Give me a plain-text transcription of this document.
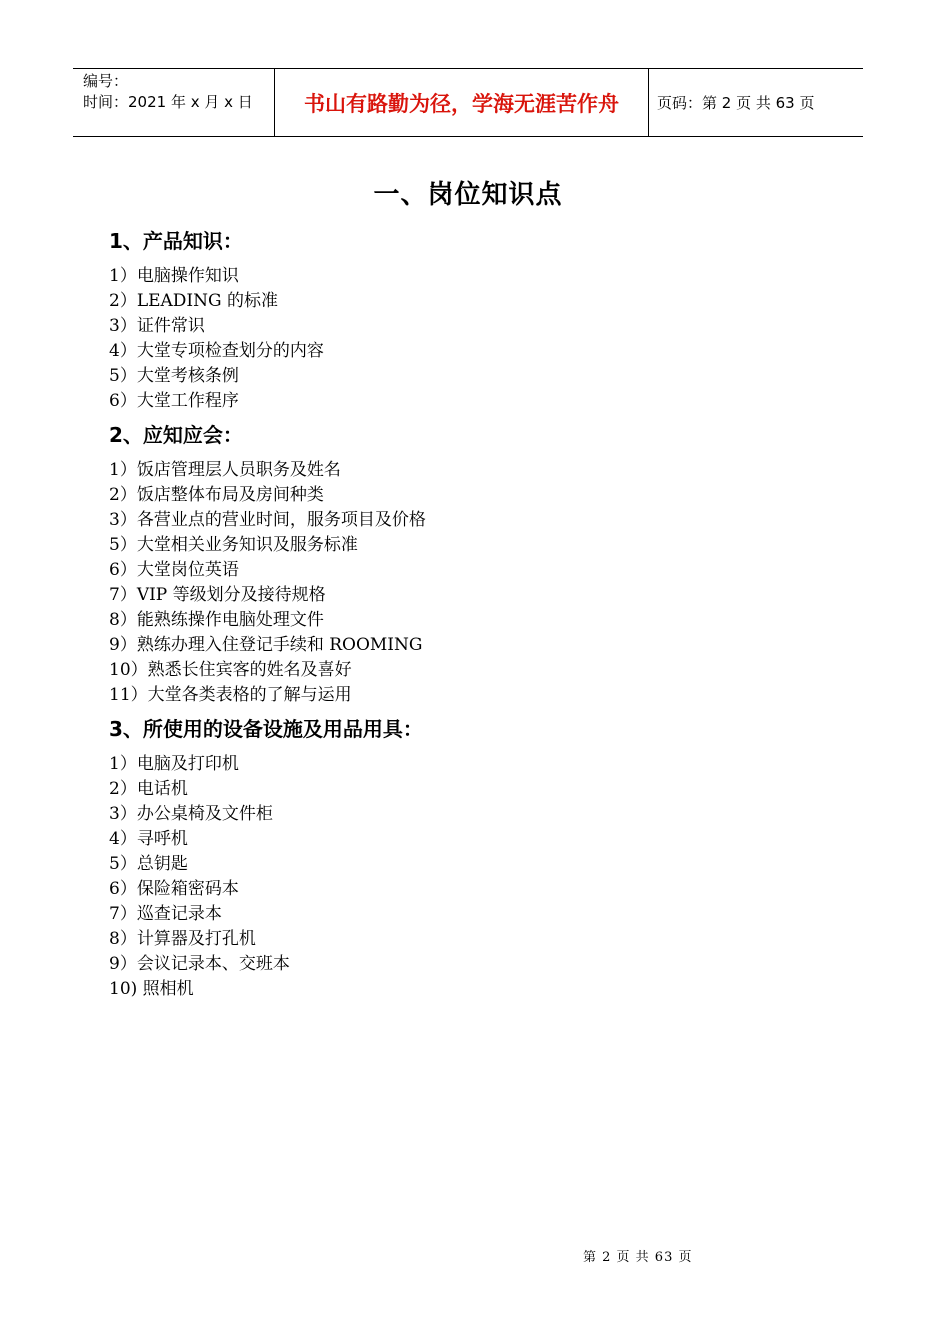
编号：
时间：2021 年 x 月 x 日	书山有路勤为径，学海无涯苦作舟	页码：第 2 页 共 63 页
一、岗位知识点
1、产品知识：
1）电脑操作知识
2）LEADING 的标准
3）证件常识
4）大堂专项检查划分的内容
5）大堂考核条例
6）大堂工作程序
2、应知应会：
1）饭店管理层人员职务及姓名
2）饭店整体布局及房间种类
3）各营业点的营业时间，服务项目及价格
5）大堂相关业务知识及服务标准
6）大堂岗位英语
7）VIP 等级划分及接待规格
8）能熟练操作电脑处理文件
9）熟练办理入住登记手续和 ROOMING
10）熟悉长住宾客的姓名及喜好
11）大堂各类表格的了解与运用
3、所使用的设备设施及用品用具：
1）电脑及打印机
2）电话机
3）办公桌椅及文件柜
4）寻呼机
5）总钥匙
6）保险箱密码本
7）巡查记录本
8）计算器及打孔机
9）会议记录本、交班本
10) 照相机
第 2 页 共 63 页
